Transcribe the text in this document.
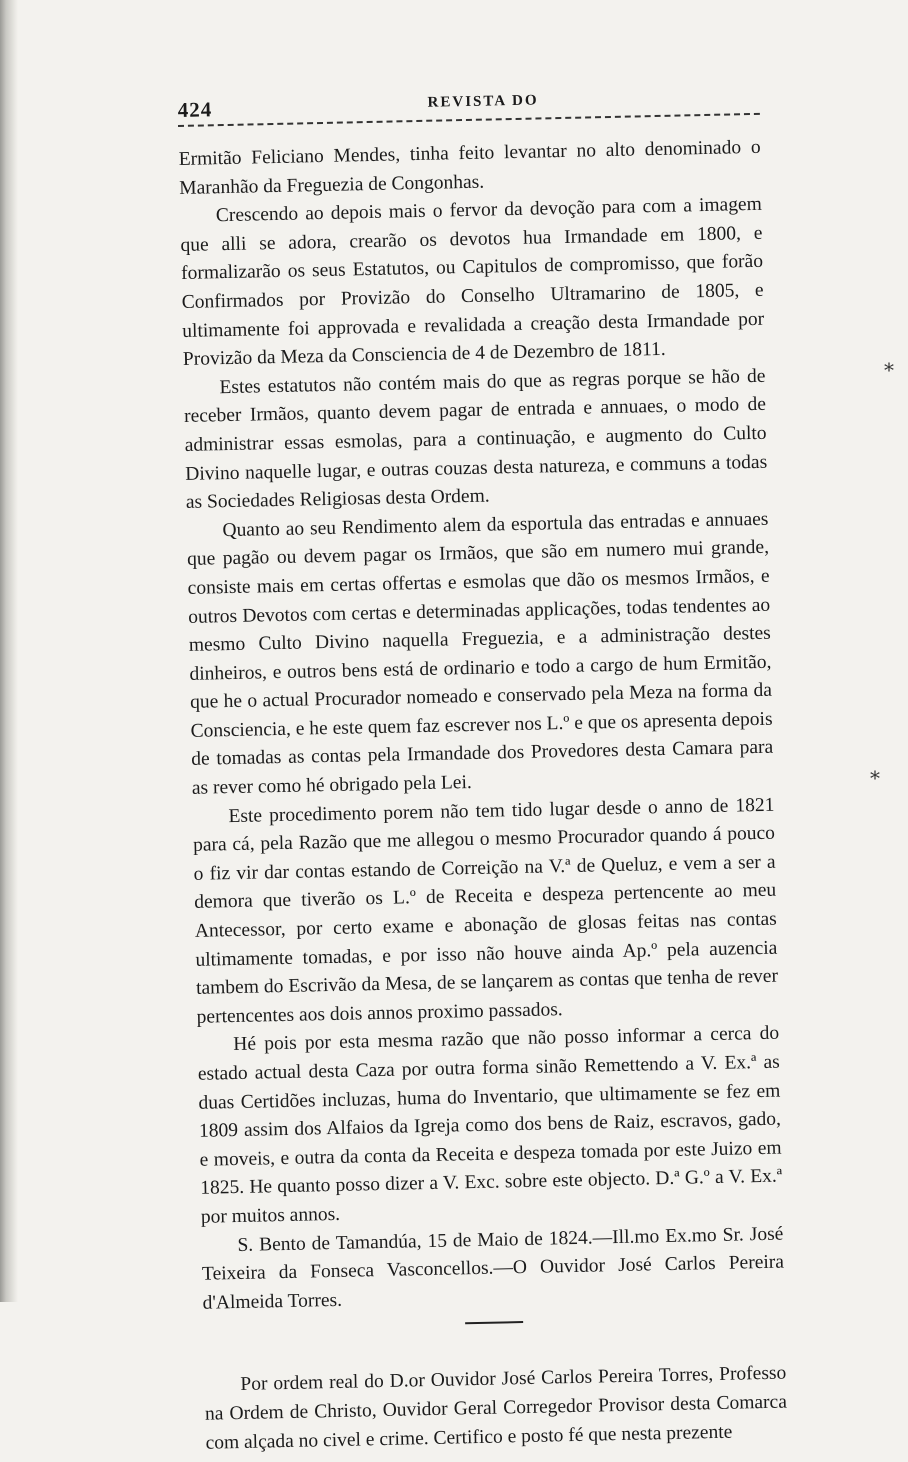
424	REVISTA DO

Ermitão Feliciano Mendes, tinha feito levantar no alto denominado o Maranhão da Freguezia de Congonhas.

Crescendo ao depois mais o fervor da devoção para com a imagem que alli se adora, crearão os devotos hua Irmandade em 1800, e formalizarão os seus Estatutos, ou Capitulos de compromisso, que forão Confirmados por Provizão do Conselho Ultramarino de 1805, e ultimamente foi approvada e revalidada a creação desta Irmandade por Provizão da Meza da Consciencia de 4 de Dezembro de 1811.

Estes estatutos não contém mais do que as regras porque se hão de receber Irmãos, quanto devem pagar de entrada e annuaes, o modo de administrar essas esmolas, para a continuação, e augmento do Culto Divino naquelle lugar, e outras couzas desta natureza, e communs a todas as Sociedades Religiosas desta Ordem.

Quanto ao seu Rendimento alem da esportula das entradas e annuaes que pagão ou devem pagar os Irmãos, que são em numero mui grande, consiste mais em certas offertas e esmolas que dão os mesmos Irmãos, e outros Devotos com certas e determinadas applicações, todas tendentes ao mesmo Culto Divino naquella Freguezia, e a administração destes dinheiros, e outros bens está de ordinario e todo a cargo de hum Ermitão, que he o actual Procurador nomeado e conservado pela Meza na forma da Consciencia, e he este quem faz escrever nos L.º e que os apresenta depois de tomadas as contas pela Irmandade dos Provedores desta Camara para as rever como hé obrigado pela Lei.

Este procedimento porem não tem tido lugar desde o anno de 1821 para cá, pela Razão que me allegou o mesmo Procurador quando á pouco o fiz vir dar contas estando de Correição na V.ª de Queluz, e vem a ser a demora que tiverão os L.º de Receita e despeza pertencente ao meu Antecessor, por certo exame e abonação de glosas feitas nas contas ultimamente tomadas, e por isso não houve ainda Ap.º pela auzencia tambem do Escrivão da Mesa, de se lançarem as contas que tenha de rever pertencentes aos dois annos proximo passados.

Hé pois por esta mesma razão que não posso informar a cerca do estado actual desta Caza por outra forma sinão Remettendo a V. Ex.ª as duas Certidões incluzas, huma do Inventario, que ultimamente se fez em 1809 assim dos Alfaios da Igreja como dos bens de Raiz, escravos, gado, e moveis, e outra da conta da Receita e despeza tomada por este Juizo em 1825. He quanto posso dizer a V. Exc. sobre este objecto. D.ª G.º a V. Ex.ª por muitos annos.

S. Bento de Tamandúa, 15 de Maio de 1824.—Ill.mo Ex.mo Sr. José Teixeira da Fonseca Vasconcellos.—O Ouvidor José Carlos Pereira d'Almeida Torres.

Por ordem real do D.or Ouvidor José Carlos Pereira Torres, Professo na Ordem de Christo, Ouvidor Geral Corregedor Provisor desta Comarca com alçada no civel e crime. Certifico e posto fé que nesta prezente

⁎
⁎
